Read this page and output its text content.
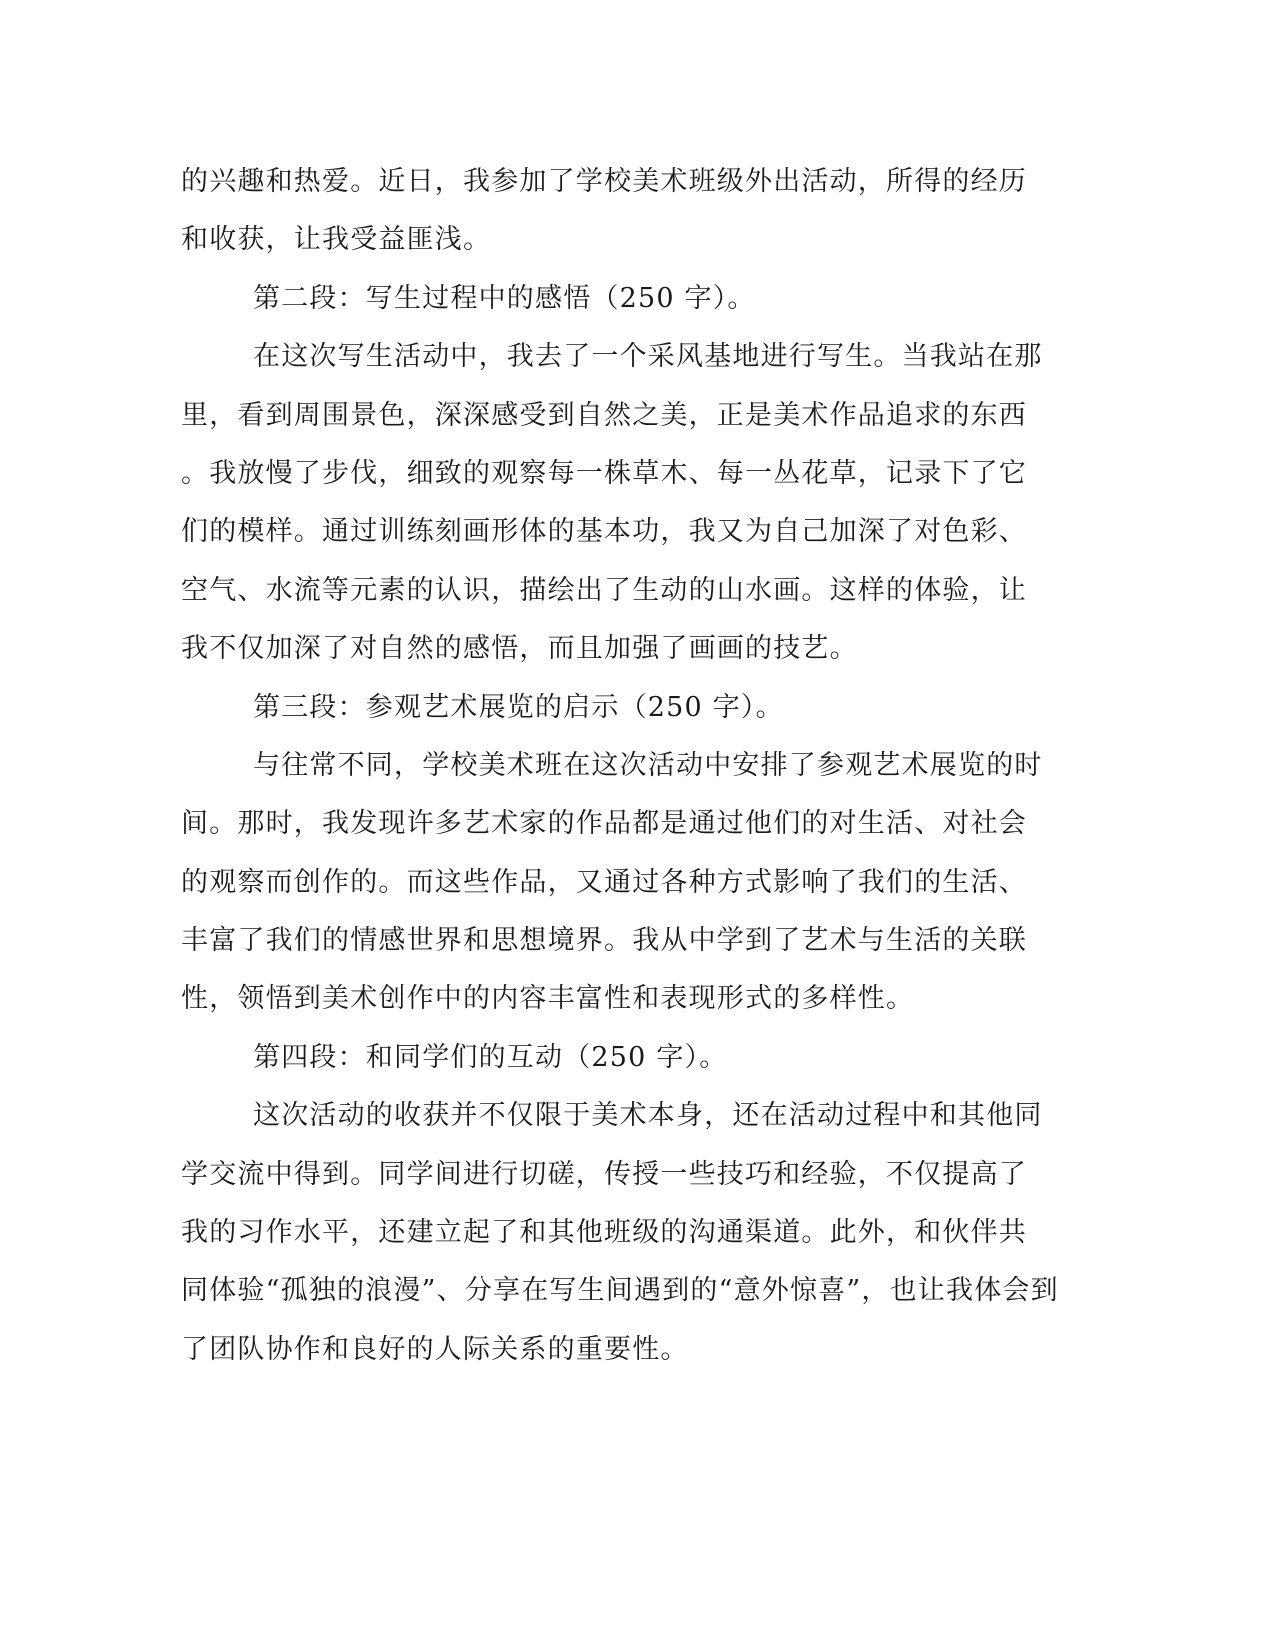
的兴趣和热爱。近日，我参加了学校美术班级外出活动，所得的经历
和收获，让我受益匪浅。
第二段：写生过程中的感悟（250 字）。
在这次写生活动中，我去了一个采风基地进行写生。当我站在那
里，看到周围景色，深深感受到自然之美，正是美术作品追求的东西
。我放慢了步伐，细致的观察每一株草木、每一丛花草，记录下了它
们的模样。通过训练刻画形体的基本功，我又为自己加深了对色彩、
空气、水流等元素的认识，描绘出了生动的山水画。这样的体验，让
我不仅加深了对自然的感悟，而且加强了画画的技艺。
第三段：参观艺术展览的启示（250 字）。
与往常不同，学校美术班在这次活动中安排了参观艺术展览的时
间。那时，我发现许多艺术家的作品都是通过他们的对生活、对社会
的观察而创作的。而这些作品，又通过各种方式影响了我们的生活、
丰富了我们的情感世界和思想境界。我从中学到了艺术与生活的关联
性，领悟到美术创作中的内容丰富性和表现形式的多样性。
第四段：和同学们的互动（250 字）。
这次活动的收获并不仅限于美术本身，还在活动过程中和其他同
学交流中得到。同学间进行切磋，传授一些技巧和经验，不仅提高了
我的习作水平，还建立起了和其他班级的沟通渠道。此外，和伙伴共
同体验“孤独的浪漫”、分享在写生间遇到的“意外惊喜”，也让我体会到
了团队协作和良好的人际关系的重要性。
